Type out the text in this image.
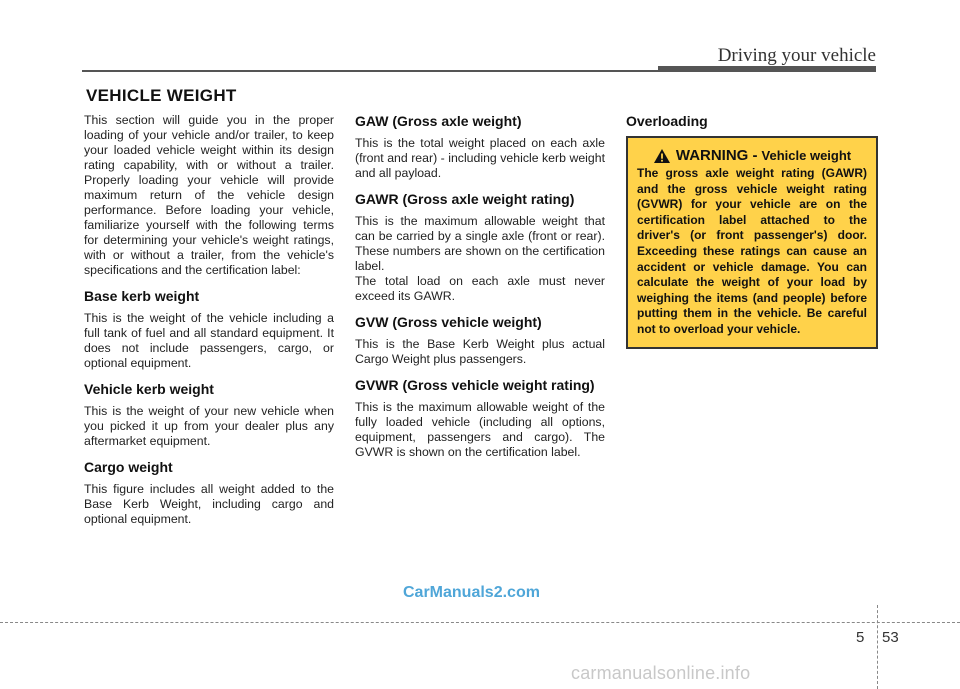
Driving your vehicle
VEHICLE WEIGHT

This section will guide you in the proper loading of your vehicle and/or trailer, to keep your loaded vehicle weight within its design rating capability, with or without a trailer. Properly loading your vehicle will provide maximum return of the vehicle design performance. Before loading your vehicle, familiarize yourself with the following terms for determining your vehicle's weight ratings, with or without a trailer, from the vehicle's specifications and the certification label:

Base kerb weight

This is the weight of the vehicle including a full tank of fuel and all standard equipment. It does not include passengers, cargo, or optional equipment.

Vehicle kerb weight

This is the weight of your new vehicle when you picked it up from your dealer plus any aftermarket equipment.

Cargo weight

This figure includes all weight added to the Base Kerb Weight, including cargo and optional equipment.

GAW (Gross axle weight)

This is the total weight placed on each axle (front and rear) - including vehicle kerb weight and all payload.

GAWR (Gross axle weight rating)

This is the maximum allowable weight that can be carried by a single axle (front or rear). These numbers are shown on the certification label.

The total load on each axle must never exceed its GAWR.

GVW (Gross vehicle weight)

This is the Base Kerb Weight plus actual Cargo Weight plus passengers.

GVWR (Gross vehicle weight rating)

This is the maximum allowable weight of the fully loaded vehicle (including all options, equipment, passengers and cargo). The GVWR is shown on the certification label.

Overloading
WARNING - Vehicle weight

The gross axle weight rating (GAWR) and the gross vehicle weight rating (GVWR) for your vehicle are on the certification label attached to the driver's (or front passenger's) door. Exceeding these ratings can cause an accident or vehicle damage. You can calculate the weight of your load by weighing the items (and people) before putting them in the vehicle. Be careful not to overload your vehicle.

CarManuals2.com
5 53
carmanualsonline.info
